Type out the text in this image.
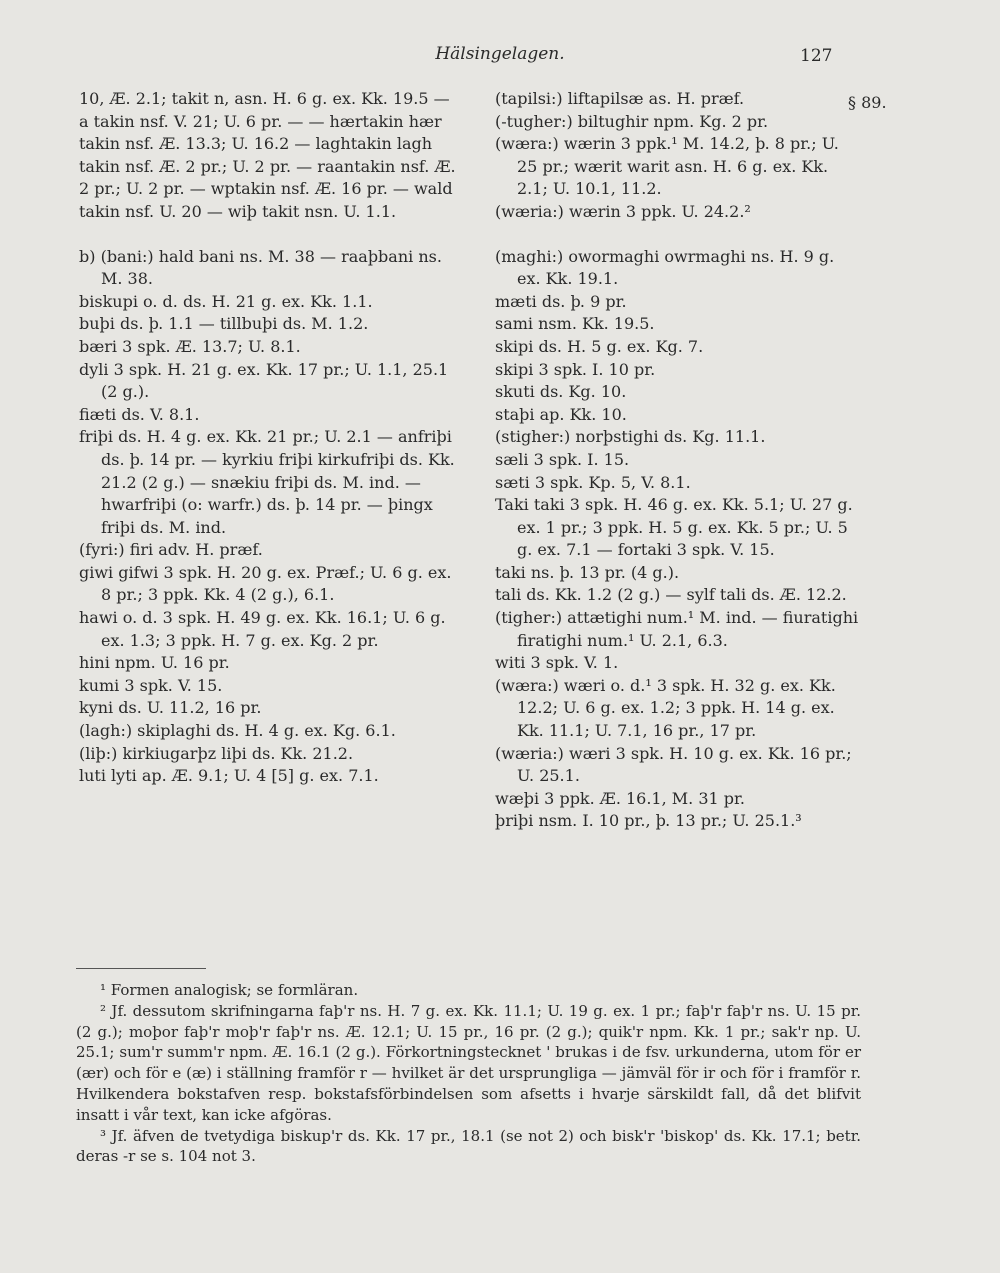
Hälsingelagen.	127
§ 89.
10, Æ. 2.1; takit n, asn. H. 6 g. ex. Kk. 19.5 — a takin nsf. V. 21; U. 6 pr. — — hærtakin hær takin nsf. Æ. 13.3; U. 16.2 — laghtakin lagh takin nsf. Æ. 2 pr.; U. 2 pr. — raantakin nsf. Æ. 2 pr.; U. 2 pr. — wptakin nsf. Æ. 16 pr. — wald takin nsf. U. 20 — wiþ takit nsn. U. 1.1.
b) (bani:) hald bani ns. M. 38 — raaþbani ns. M. 38.
biskupi o. d. ds. H. 21 g. ex. Kk. 1.1.
buþi ds. þ. 1.1 — tillbuþi ds. M. 1.2.
bæri 3 spk. Æ. 13.7; U. 8.1.
dyli 3 spk. H. 21 g. ex. Kk. 17 pr.; U. 1.1, 25.1 (2 g.).
fiæti ds. V. 8.1.
friþi ds. H. 4 g. ex. Kk. 21 pr.; U. 2.1 — anfriþi ds. þ. 14 pr. — kyrkiu friþi kirkufriþi ds. Kk. 21.2 (2 g.) — snækiu friþi ds. M. ind. — hwarfriþi (o: warfr.) ds. þ. 14 pr. — þingx friþi ds. M. ind.
(fyri:) firi adv. H. præf.
giwi gifwi 3 spk. H. 20 g. ex. Præf.; U. 6 g. ex. 8 pr.; 3 ppk. Kk. 4 (2 g.), 6.1.
hawi o. d. 3 spk. H. 49 g. ex. Kk. 16.1; U. 6 g. ex. 1.3; 3 ppk. H. 7 g. ex. Kg. 2 pr.
hini npm. U. 16 pr.
kumi 3 spk. V. 15.
kyni ds. U. 11.2, 16 pr.
(lagh:) skiplaghi ds. H. 4 g. ex. Kg. 6.1.
(liþ:) kirkiugarþz liþi ds. Kk. 21.2.
luti lyti ap. Æ. 9.1; U. 4 [5] g. ex. 7.1.
(tapilsi:) liftapilsæ as. H. præf.
(-tugher:) biltughir npm. Kg. 2 pr.
(wæra:) wærin 3 ppk.¹ M. 14.2, þ. 8 pr.; U. 25 pr.; wærit warit asn. H. 6 g. ex. Kk. 2.1; U. 10.1, 11.2.
(wæria:) wærin 3 ppk. U. 24.2.²
(maghi:) owormaghi owrmaghi ns. H. 9 g. ex. Kk. 19.1.
mæti ds. þ. 9 pr.
sami nsm. Kk. 19.5.
skipi ds. H. 5 g. ex. Kg. 7.
skipi 3 spk. I. 10 pr.
skuti ds. Kg. 10.
staþi ap. Kk. 10.
(stigher:) norþstighi ds. Kg. 11.1.
sæli 3 spk. I. 15.
sæti 3 spk. Kp. 5, V. 8.1.
Taki taki 3 spk. H. 46 g. ex. Kk. 5.1; U. 27 g. ex. 1 pr.; 3 ppk. H. 5 g. ex. Kk. 5 pr.; U. 5 g. ex. 7.1 — fortaki 3 spk. V. 15.
taki ns. þ. 13 pr. (4 g.).
tali ds. Kk. 1.2 (2 g.) — sylf tali ds. Æ. 12.2.
(tigher:) attætighi num.¹ M. ind. — fiuratighi firatighi num.¹ U. 2.1, 6.3.
witi 3 spk. V. 1.
(wæra:) wæri o. d.¹ 3 spk. H. 32 g. ex. Kk. 12.2; U. 6 g. ex. 1.2; 3 ppk. H. 14 g. ex. Kk. 11.1; U. 7.1, 16 pr., 17 pr.
(wæria:) wæri 3 spk. H. 10 g. ex. Kk. 16 pr.; U. 25.1.
wæþi 3 ppk. Æ. 16.1, M. 31 pr.
þriþi nsm. I. 10 pr., þ. 13 pr.; U. 25.1.³
¹ Formen analogisk; se formläran.
² Jf. dessutom skrifningarna faþ'r ns. H. 7 g. ex. Kk. 11.1; U. 19 g. ex. 1 pr.; faþ'r faþ'r ns. U. 15 pr. (2 g.); moþor faþ'r moþ'r faþ'r ns. Æ. 12.1; U. 15 pr., 16 pr. (2 g.); quik'r npm. Kk. 1 pr.; sak'r np. U. 25.1; sum'r summ'r npm. Æ. 16.1 (2 g.). Förkortningstecknet ' brukas i de fsv. urkunderna, utom för er (ær) och för e (æ) i ställning framför r — hvilket är det ursprungliga — jämväl för ir och för i framför r. Hvilkendera bokstafven resp. bokstafsförbindelsen som afsetts i hvarje särskildt fall, då det blifvit insatt i vår text, kan icke afgöras.
³ Jf. äfven de tvetydiga biskup'r ds. Kk. 17 pr., 18.1 (se not 2) och bisk'r 'biskop' ds. Kk. 17.1; betr. deras -r se s. 104 not 3.
